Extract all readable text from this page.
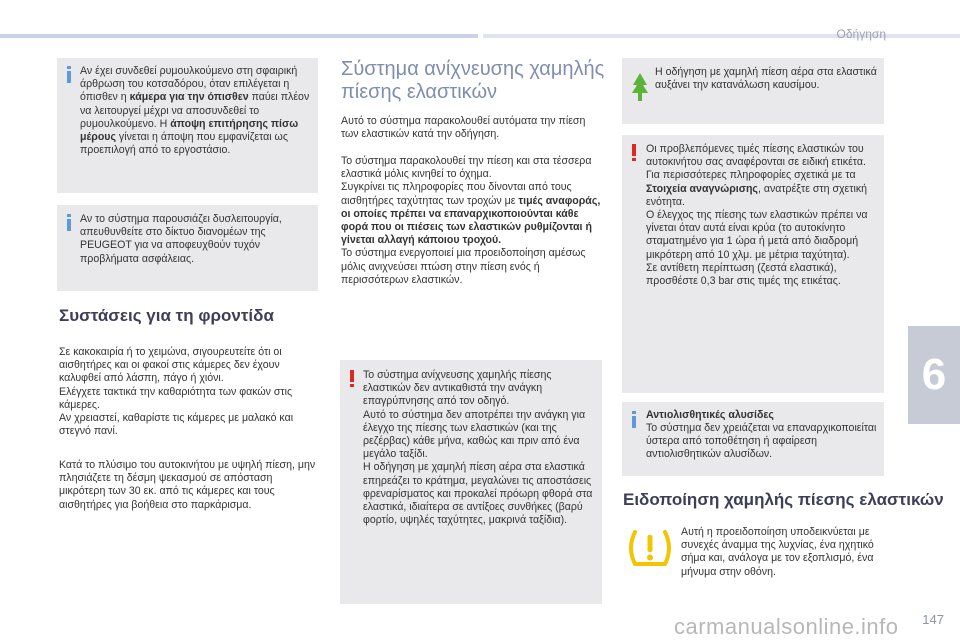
Οδήγηση
Αν έχει συνδεθεί ρυμουλκούμενο στη σφαιρική άρθρωση του κοτσαδόρου, όταν επιλέγεται η όπισθεν η κάμερα για την όπισθεν παύει πλέον να λειτουργεί μέχρι να αποσυνδεθεί το ρυμουλκούμενο. Η άποψη επιτήρησης πίσω μέρους γίνεται η άποψη που εμφανίζεται ως προεπιλογή από το εργοστάσιο.
Αν το σύστημα παρουσιάζει δυσλειτουργία, απευθυνθείτε στο δίκτυο διανομέων της PEUGEOT για να αποφευχθούν τυχόν προβλήματα ασφάλειας.
Συστάσεις για τη φροντίδα
Σε κακοκαιρία ή το χειμώνα, σιγουρευτείτε ότι οι αισθητήρες και οι φακοί στις κάμερες δεν έχουν καλυφθεί από λάσπη, πάγο ή χιόνι.
Ελέγχετε τακτικά την καθαριότητα των φακών στις κάμερες.
Αν χρειαστεί, καθαρίστε τις κάμερες με μαλακό και στεγνό πανί.
Κατά το πλύσιμο του αυτοκινήτου με υψηλή πίεση, μην πλησιάζετε τη δέσμη ψεκασμού σε απόσταση μικρότερη των 30 εκ. από τις κάμερες και τους αισθητήρες για βοήθεια στο παρκάρισμα.
Σύστημα ανίχνευσης χαμηλής πίεσης ελαστικών
Αυτό το σύστημα παρακολουθεί αυτόματα την πίεση των ελαστικών κατά την οδήγηση.
Το σύστημα παρακολουθεί την πίεση και στα τέσσερα ελαστικά μόλις κινηθεί το όχημα.
Συγκρίνει τις πληροφορίες που δίνονται από τους αισθητήρες ταχύτητας των τροχών με τιμές αναφοράς, οι οποίες πρέπει να επαναρχικοποιούνται κάθε φορά που οι πιέσεις των ελαστικών ρυθμίζονται ή γίνεται αλλαγή κάποιου τροχού.
Το σύστημα ενεργοποιεί μια προειδοποίηση αμέσως μόλις ανιχνεύσει πτώση στην πίεση ενός ή περισσότερων ελαστικών.
Το σύστημα ανίχνευσης χαμηλής πίεσης ελαστικών δεν αντικαθιστά την ανάγκη επαγρύπνησης από τον οδηγό.
Αυτό το σύστημα δεν αποτρέπει την ανάγκη για έλεγχο της πίεσης των ελαστικών (και της ρεζέρβας) κάθε μήνα, καθώς και πριν από ένα μεγάλο ταξίδι.
Η οδήγηση με χαμηλή πίεση αέρα στα ελαστικά επηρεάζει το κράτημα, μεγαλώνει τις αποστάσεις φρεναρίσματος και προκαλεί πρόωρη φθορά στα ελαστικά, ιδιαίτερα σε αντίξοες συνθήκες (βαρύ φορτίο, υψηλές ταχύτητες, μακρινά ταξίδια).
Η οδήγηση με χαμηλή πίεση αέρα στα ελαστικά αυξάνει την κατανάλωση καυσίμου.
Οι προβλεπόμενες τιμές πίεσης ελαστικών του αυτοκινήτου σας αναφέρονται σε ειδική ετικέτα.
Για περισσότερες πληροφορίες σχετικά με τα Στοιχεία αναγνώρισης, ανατρέξτε στη σχετική ενότητα.
Ο έλεγχος της πίεσης των ελαστικών πρέπει να γίνεται όταν αυτά είναι κρύα (το αυτοκίνητο σταματημένο για 1 ώρα ή μετά από διαδρομή μικρότερη από 10 χλμ. με μέτρια ταχύτητα).
Σε αντίθετη περίπτωση (ζεστά ελαστικά), προσθέστε 0,3 bar στις τιμές της ετικέτας.
Αντιολισθητικές αλυσίδες
Το σύστημα δεν χρειάζεται να επαναρχικοποιείται ύστερα από τοποθέτηση ή αφαίρεση αντιολισθητικών αλυσίδων.
Ειδοποίηση χαμηλής πίεσης ελαστικών
Αυτή η προειδοποίηση υποδεικνύεται με συνεχές άναμμα της λυχνίας, ένα ηχητικό σήμα και, ανάλογα με τον εξοπλισμό, ένα μήνυμα στην οθόνη.
6
carmanualsonline.info 147
